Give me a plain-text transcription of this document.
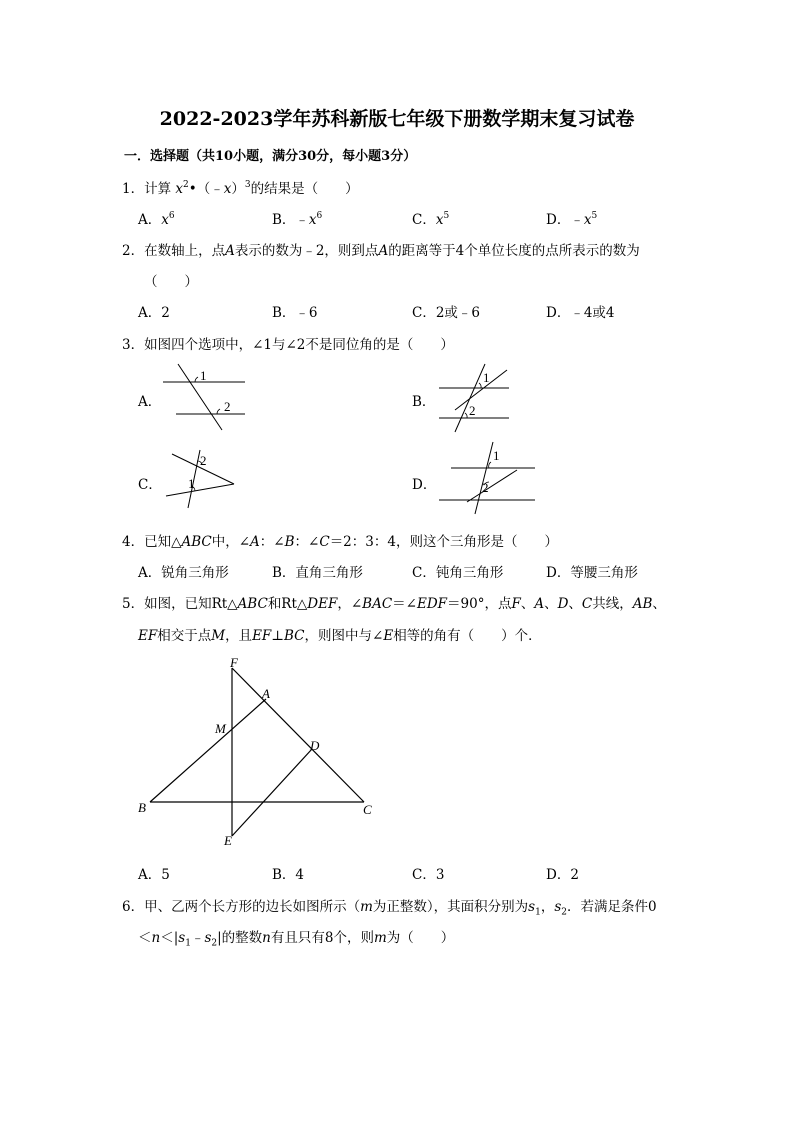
2022-2023学年苏科新版七年级下册数学期末复习试卷
一．选择题（共10小题，满分30分，每小题3分）
1．计算 $x^2•(﹣x)^3$的结果是（　　）
A．$x^6$	B．$﹣x^6$	C．$x^5$	D．$﹣x^5$
2．在数轴上，点A表示的数为﹣2，则到点A的距离等于4个单位长度的点所表示的数为
（　　）
A．2	B．﹣6	C．2或﹣6	D．﹣4或4
3．如图四个选项中，∠1与∠2不是同位角的是（　　）
A．
1
2	B．
1
2
C．
2
1	D．
1
2
4．已知△ABC中，∠A：∠B：∠C＝2：3：4，则这个三角形是（　　）
A．锐角三角形	B．直角三角形	C．钝角三角形	D．等腰三角形
5．如图，已知Rt△ABC和Rt△DEF，∠BAC＝∠EDF＝90°，点F、A、D、C共线，AB、
EF相交于点M，且EF⊥BC，则图中与∠E相等的角有（　　）个．
F
A
M
D
B	C
E
A．5	B．4	C．3	D．2
6．甲、乙两个长方形的边长如图所示（m为正整数），其面积分别为$s_1$，$s_2$．若满足条件0
$<n<|s_1﹣s_2|$的整数n有且只有8个，则m为（　　）
